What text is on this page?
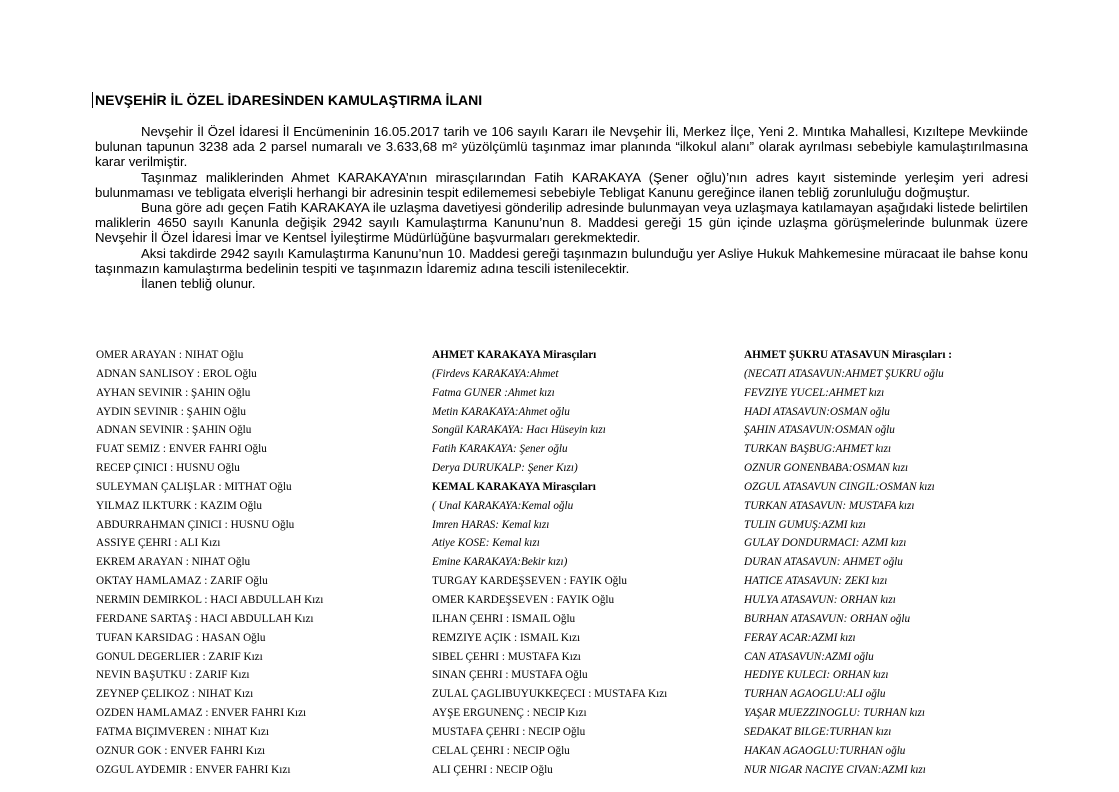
NEVŞEHİR İL ÖZEL İDARESİNDEN KAMULAŞTIRMA İLANI

Nevşehir İl Özel İdaresi İl Encümeninin 16.05.2017 tarih ve 106 sayılı Kararı ile Nevşehir İli, Merkez İlçe, Yeni 2. Mıntıka Mahallesi, Kızıltepe Mevkiinde bulunan tapunun 3238 ada 2 parsel numaralı ve 3.633,68 m² yüzölçümlü taşınmaz imar planında “ilkokul alanı” olarak ayrılması sebebiyle kamulaştırılmasına karar verilmiştir.

Taşınmaz maliklerinden Ahmet KARAKAYA’nın mirasçılarından Fatih KARAKAYA (Şener oğlu)’nın adres kayıt sisteminde yerleşim yeri adresi bulunmaması ve tebligata elverişli herhangi bir adresinin tespit edilememesi sebebiyle Tebligat Kanunu gereğince ilanen tebliğ zorunluluğu doğmuştur.

Buna göre adı geçen Fatih KARAKAYA ile uzlaşma davetiyesi gönderilip adresinde bulunmayan veya uzlaşmaya katılamayan aşağıdaki listede belirtilen maliklerin 4650 sayılı Kanunla değişik 2942 sayılı Kamulaştırma Kanunu’nun 8. Maddesi gereği 15 gün içinde uzlaşma görüşmelerinde bulunmak üzere Nevşehir İl Özel İdaresi İmar ve Kentsel İyileştirme Müdürlüğüne başvurmaları gerekmektedir.

Aksi takdirde 2942 sayılı Kamulaştırma Kanunu’nun 10. Maddesi gereği taşınmazın bulunduğu yer Asliye Hukuk Mahkemesine müracaat ile bahse konu taşınmazın kamulaştırma bedelinin tespiti ve taşınmazın İdaremiz adına tescili istenilecektir.

İlanen tebliğ olunur.

OMER ARAYAN : NIHAT Oğlu
ADNAN SANLISOY : EROL Oğlu
AYHAN SEVINIR : ŞAHIN Oğlu
AYDIN SEVINIR : ŞAHIN Oğlu
ADNAN SEVINIR : ŞAHIN Oğlu
FUAT SEMIZ : ENVER FAHRI Oğlu
RECEP ÇINICI : HUSNU Oğlu
SULEYMAN ÇALIŞLAR : MITHAT Oğlu
YILMAZ ILKTURK : KAZIM Oğlu
ABDURRAHMAN ÇINICI : HUSNU Oğlu
ASSIYE ÇEHRI : ALI Kızı
EKREM ARAYAN : NIHAT Oğlu
OKTAY HAMLAMAZ : ZARIF Oğlu
NERMIN DEMIRKOL : HACI ABDULLAH Kızı
FERDANE SARTAŞ : HACI ABDULLAH Kızı
TUFAN KARSIDAG : HASAN Oğlu
GONUL DEGERLIER : ZARIF Kızı
NEVIN BAŞUTKU : ZARIF Kızı
ZEYNEP ÇELIKOZ : NIHAT Kızı
OZDEN HAMLAMAZ : ENVER FAHRI Kızı
FATMA BIÇIMVEREN : NIHAT Kızı
OZNUR GOK : ENVER FAHRI Kızı
OZGUL AYDEMIR : ENVER FAHRI Kızı
AHMET KARAKAYA Mirasçıları
(Firdevs KARAKAYA:Ahmet
Fatma GUNER :Ahmet kızı
Metin KARAKAYA:Ahmet oğlu
Songül KARAKAYA: Hacı Hüseyin kızı
Fatih KARAKAYA: Şener oğlu
Derya DURUKALP: Şener Kızı)
KEMAL KARAKAYA Mirasçıları
( Unal KARAKAYA:Kemal oğlu
Imren HARAS: Kemal kızı
Atiye KOSE: Kemal kızı
Emine KARAKAYA:Bekir kızı)
TURGAY KARDEŞSEVEN : FAYIK Oğlu
OMER KARDEŞSEVEN : FAYIK Oğlu
ILHAN ÇEHRI : ISMAIL Oğlu
REMZIYE AÇIK : ISMAIL Kızı
SIBEL ÇEHRI : MUSTAFA Kızı
SINAN ÇEHRI : MUSTAFA Oğlu
ZULAL ÇAGLIBUYUKKEÇECI : MUSTAFA Kızı
AYŞE ERGUNENÇ : NECIP Kızı
MUSTAFA ÇEHRI : NECIP Oğlu
CELAL ÇEHRI : NECIP Oğlu
ALI ÇEHRI : NECIP Oğlu
AHMET ŞUKRU ATASAVUN Mirasçıları :
(NECATI ATASAVUN:AHMET ŞUKRU oğlu
FEVZIYE YUCEL:AHMET kızı
HADI ATASAVUN:OSMAN oğlu
ŞAHIN ATASAVUN:OSMAN oğlu
TURKAN BAŞBUG:AHMET kızı
OZNUR GONENBABA:OSMAN kızı
OZGUL ATASAVUN CINGIL:OSMAN kızı
TURKAN ATASAVUN: MUSTAFA kızı
TULIN GUMUŞ:AZMI kızı
GULAY DONDURMACI: AZMI kızı
DURAN ATASAVUN: AHMET oğlu
HATICE ATASAVUN: ZEKI kızı
HULYA ATASAVUN: ORHAN kızı
BURHAN ATASAVUN: ORHAN oğlu
FERAY ACAR:AZMI kızı
CAN ATASAVUN:AZMI oğlu
HEDIYE KULECI: ORHAN kızı
TURHAN AGAOGLU:ALI oğlu
YAŞAR MUEZZINOGLU: TURHAN kızı
SEDAKAT BILGE:TURHAN kızı
HAKAN AGAOGLU:TURHAN oğlu
NUR NIGAR NACIYE CIVAN:AZMI kızı
